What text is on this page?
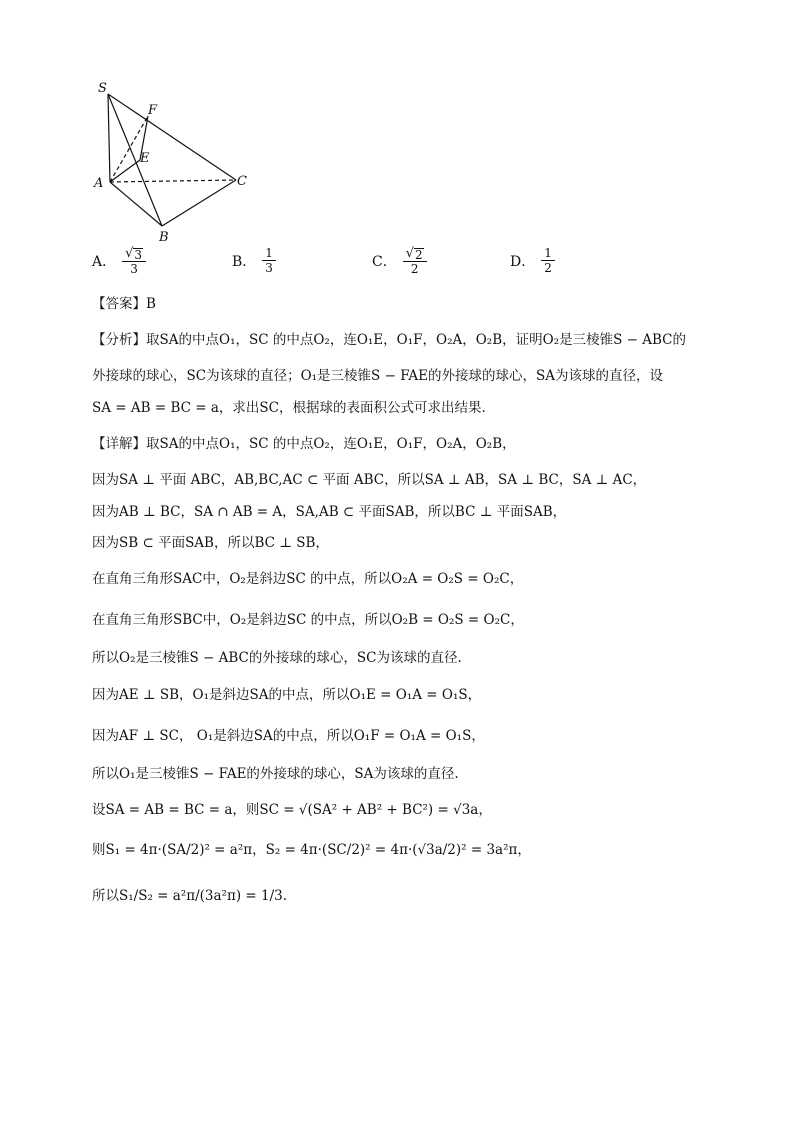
S
F
E
A	C
B
A． $\frac{√ 3}{3}$	B． $\frac{1}{3}$	C． $\frac{√ 2}{2}$	D． $\frac{1}{2}$
【答案】B
【分析】取SA的中点O₁，SC 的中点O₂，连O₁E，O₁F，O₂A，O₂B，证明O₂是三棱锥S − ABC的
外接球的球心，SC为该球的直径；O₁是三棱锥S − FAE的外接球的球心，SA为该球的直径，设
SA = AB = BC = a，求出SC，根据球的表面积公式可求出结果.
【详解】取SA的中点O₁，SC 的中点O₂，连O₁E，O₁F，O₂A，O₂B，
因为SA ⊥ 平面 ABC，AB,BC,AC ⊂ 平面 ABC，所以SA ⊥ AB，SA ⊥ BC，SA ⊥ AC，
因为AB ⊥ BC，SA ∩ AB = A，SA,AB ⊂ 平面SAB，所以BC ⊥ 平面SAB，
因为SB ⊂ 平面SAB，所以BC ⊥ SB，
在直角三角形SAC中，O₂是斜边SC 的中点，所以O₂A = O₂S = O₂C，
在直角三角形SBC中，O₂是斜边SC 的中点，所以O₂B = O₂S = O₂C，
所以O₂是三棱锥S − ABC的外接球的球心，SC为该球的直径.
因为AE ⊥ SB，O₁是斜边SA的中点，所以O₁E = O₁A = O₁S，
因为AF ⊥ SC， O₁是斜边SA的中点，所以O₁F = O₁A = O₁S，
所以O₁是三棱锥S − FAE的外接球的球心，SA为该球的直径.
设SA = AB = BC = a，则SC = √(SA² + AB² + BC²) = √3a，
则S₁ = 4π·(SA/2)² = a²π，S₂ = 4π·(SC/2)² = 4π·(√3a/2)² = 3a²π，
所以S₁/S₂ = a²π/(3a²π) = 1/3.
